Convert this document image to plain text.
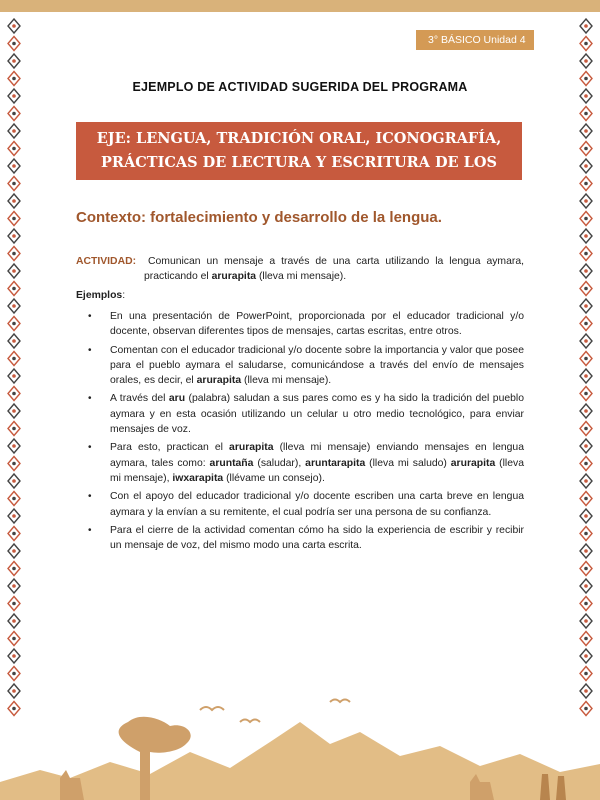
3° BÁSICO Unidad 4
EJEMPLO DE ACTIVIDAD SUGERIDA DEL PROGRAMA
EJE: LENGUA, TRADICIÓN ORAL, ICONOGRAFÍA,
PRÁCTICAS DE LECTURA Y ESCRITURA DE LOS PUEBLOS
Contexto: fortalecimiento y desarrollo de la lengua.
ACTIVIDAD: Comunican un mensaje a través de una carta utilizando la lengua aymara,
practicando el arurapita (lleva mi mensaje).
Ejemplos:
• En una presentación de PowerPoint, proporcionada por el educador tradicional y/o docente, observan diferentes tipos de mensajes, cartas escritas, entre otros.
• Comentan con el educador tradicional y/o docente sobre la importancia y valor que posee para el pueblo aymara el saludarse, comunicándose a través del envío de mensajes orales, es decir, el arurapita (lleva mi mensaje).
• A través del aru (palabra) saludan a sus pares como es y ha sido la tradición del pueblo aymara y en esta ocasión utilizando un celular u otro medio tecnológico, para enviar mensajes de voz.
• Para esto, practican el arurapita (lleva mi mensaje) enviando mensajes en lengua aymara, tales como: aruntaña (saludar), aruntarapita (lleva mi saludo) arurapita (lleva mi mensaje), iwxarapita (llévame un consejo).
• Con el apoyo del educador tradicional y/o docente escriben una carta breve en lengua aymara y la envían a su remitente, el cual podría ser una persona de su confianza.
• Para el cierre de la actividad comentan cómo ha sido la experiencia de escribir y recibir un mensaje de voz, del mismo modo una carta escrita.
